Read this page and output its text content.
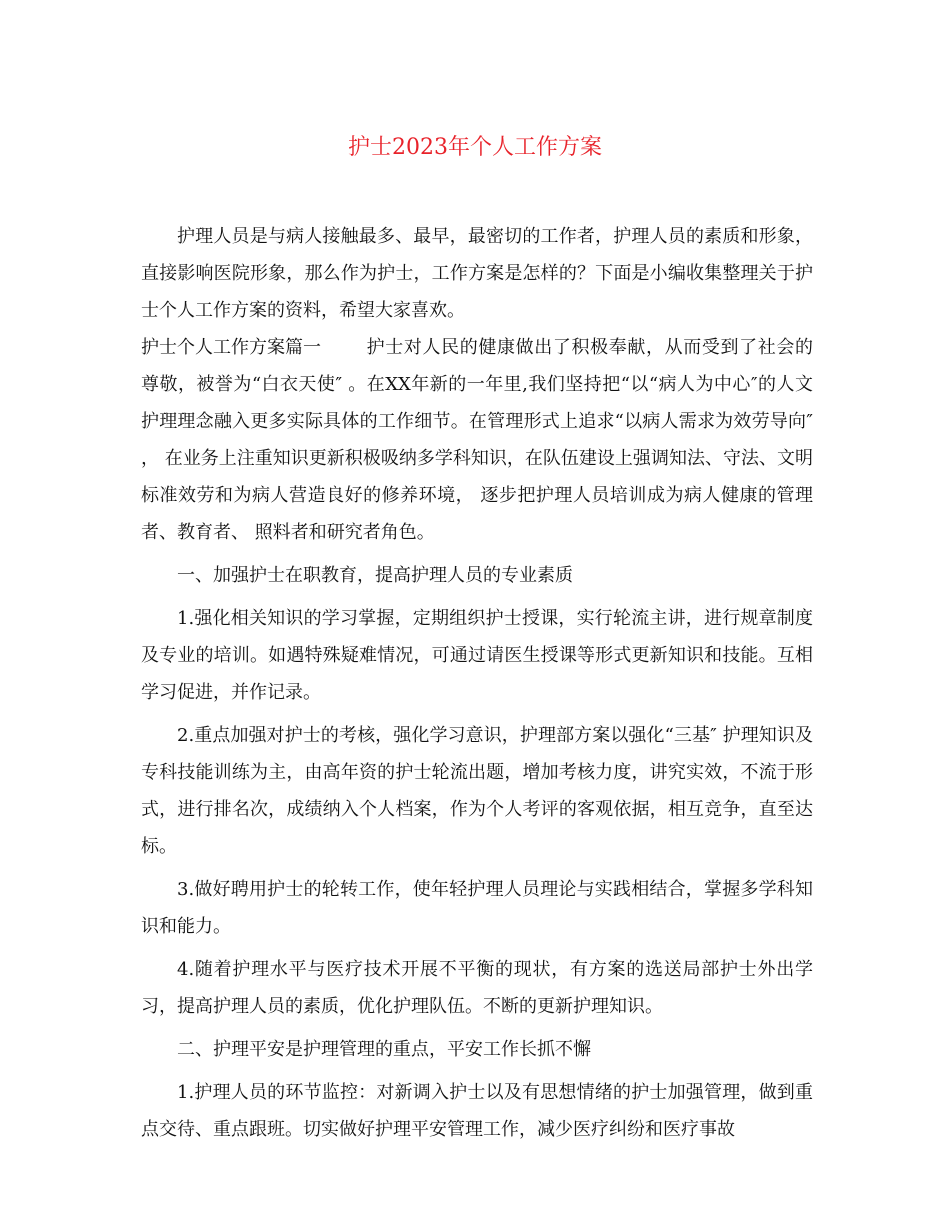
护士2023年个人工作方案

护理人员是与病人接触最多、最早，最密切的工作者，护理人员的素质和形象，直接影响医院形象，那么作为护士，工作方案是怎样的？下面是小编收集整理关于护士个人工作方案的资料，希望大家喜欢。

护士个人工作方案篇一	护士对人民的健康做出了积极奉献，从而受到了社会的尊敬，被誉为“白衣天使″ 。在XX年新的一年里,我们坚持把“以“病人为中心″的人文护理理念融入更多实际具体的工作细节。在管理形式上追求“以病人需求为效劳导向″ ， 在业务上注重知识更新积极吸纳多学科知识，在队伍建设上强调知法、守法、文明标准效劳和为病人营造良好的修养环境， 逐步把护理人员培训成为病人健康的管理者、教育者、 照料者和研究者角色。

一、加强护士在职教育，提高护理人员的专业素质

1.强化相关知识的学习掌握，定期组织护士授课，实行轮流主讲，进行规章制度及专业的培训。如遇特殊疑难情况，可通过请医生授课等形式更新知识和技能。互相学习促进，并作记录。

2.重点加强对护士的考核，强化学习意识，护理部方案以强化“三基″ 护理知识及专科技能训练为主，由高年资的护士轮流出题，增加考核力度，讲究实效，不流于形式，进行排名次，成绩纳入个人档案，作为个人考评的客观依据，相互竞争，直至达标。

3.做好聘用护士的轮转工作，使年轻护理人员理论与实践相结合，掌握多学科知识和能力。

4.随着护理水平与医疗技术开展不平衡的现状，有方案的选送局部护士外出学习，提高护理人员的素质，优化护理队伍。不断的更新护理知识。

二、护理平安是护理管理的重点，平安工作长抓不懈

1.护理人员的环节监控：对新调入护士以及有思想情绪的护士加强管理，做到重点交待、重点跟班。切实做好护理平安管理工作，减少医疗纠纷和医疗事故
